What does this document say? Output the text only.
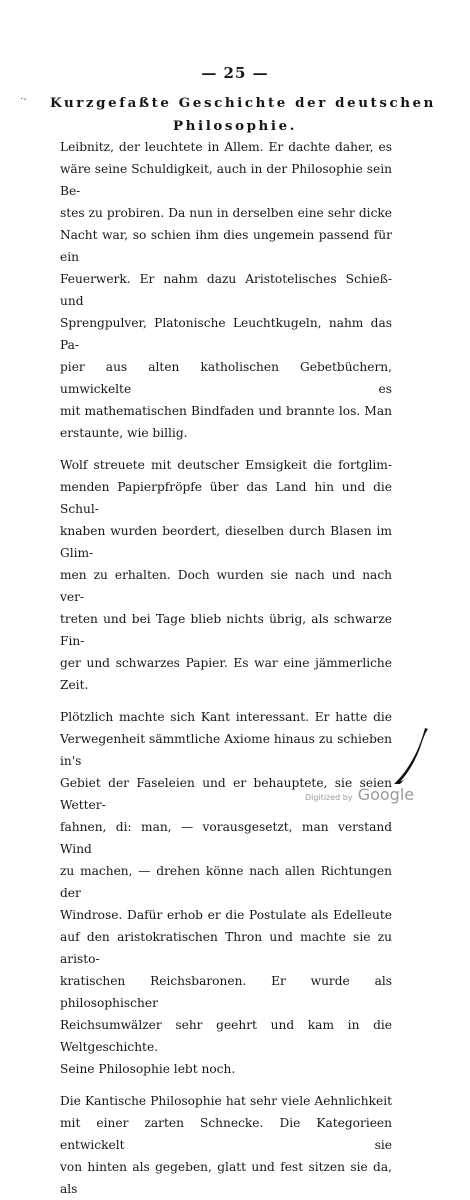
— 25 —
·- Kurzgefaßte Geschichte der deutschen
Philosophie.

Leibnitz, der leuchtete in Allem. Er dachte daher, es

wäre seine Schuldigkeit, auch in der Philosophie sein Be-

stes zu probiren. Da nun in derselben eine sehr dicke

Nacht war, so schien ihm dies ungemein passend für ein

Feuerwerk. Er nahm dazu Aristotelisches Schieß- und

Sprengpulver, Platonische Leuchtkugeln, nahm das Pa-

pier aus alten katholischen Gebetbüchern, umwickelte es

mit mathematischen Bindfaden und brannte los. Man

erstaunte, wie billig.

Wolf streuete mit deutscher Emsigkeit die fortglim-

menden Papierpfröpfe über das Land hin und die Schul-

knaben wurden beordert, dieselben durch Blasen im Glim-

men zu erhalten. Doch wurden sie nach und nach ver-

treten und bei Tage blieb nichts übrig, als schwarze Fin-

ger und schwarzes Papier. Es war eine jämmerliche Zeit.

Plötzlich machte sich Kant interessant. Er hatte die

Verwegenheit sämmtliche Axiome hinaus zu schieben in's

Gebiet der Faseleien und er behauptete, sie seien Wetter-

fahnen, di: man, — vorausgesetzt, man verstand Wind

zu machen, — drehen könne nach allen Richtungen der

Windrose. Dafür erhob er die Postulate als Edelleute

auf den aristokratischen Thron und machte sie zu aristo-

kratischen Reichsbaronen. Er wurde als philosophischer

Reichsumwälzer sehr geehrt und kam in die Weltgeschichte.

Seine Philosophie lebt noch.

Die Kantische Philosophie hat sehr viele Aehnlichkeit

mit einer zarten Schnecke. Die Kategorieen entwickelt sie

von hinten als gegeben, glatt und fest sitzen sie da, als

Digitized by Google
